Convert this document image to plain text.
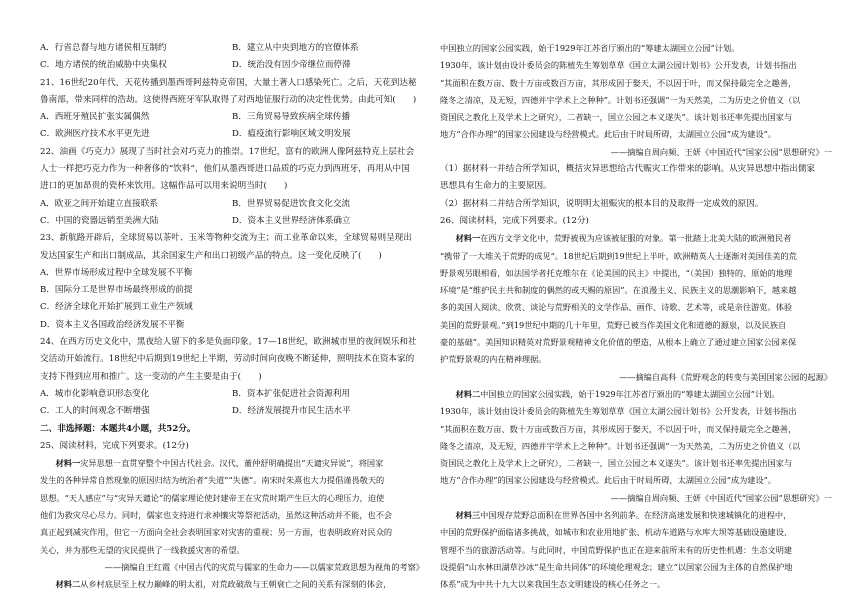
A．行省总督与地方诸侯相互制约	B．建立从中央到地方的官僚体系
C．地方诸侯的统治威胁中央集权	D．统治没有因少帝继位而停滞
21、16世纪20年代，天花传播到墨西哥阿兹特克帝国，大量土著人口感染死亡。之后，天花到达秘
鲁南部，带来同样的浩劫。这使得西班牙军队取得了对西地征服行动的决定性优势。由此可知(　　)
A．西班牙殖民扩张实属偶然	B．三角贸易导致疾病全球传播
C．欧洲医疗技术水平更先进	D．瘟疫流行影响区域文明发展
22、油画《巧克力》展现了当时社会对巧克力的推崇。17世纪，富有的欧洲人像阿兹特克上层社会
人士一样把巧克力作为一种奢侈的“饮料”，他们从墨西哥进口品质的巧克力到西班牙，再用从中国
进口的更加昂贵的瓷杯来饮用。这幅作品可以用来说明当时(　　)
A．欧亚之间开始建立直接联系	B．世界贸易促进饮食文化交流
C．中国的瓷器远销至美洲大陆	D．资本主义世界经济体系确立
23、新航路开辟后，全球贸易以茶叶、玉米等物种交流为主；而工业革命以来，全球贸易则呈现出
发达国家生产和出口制成品，其余国家生产和出口初级产品的特点。这一变化反映了(　　)
A．世界市场形成过程中全球发展不平衡
B．国际分工是世界市场最终形成的前提
C．经济全球化开始扩展到工业生产领域
D．资本主义各国政治经济发展不平衡
24、在西方历史文化中，黑夜给人留下的多是负面印象。17—18世纪，欧洲城市里的夜间娱乐和社
交活动开始流行。18世纪中后期到19世纪上半期，劳动时间向夜晚不断延伸，照明技术在资本家的
支持下得到应用和推广。这一变动的产生主要是由于(　　)
A．城市化影响意识形态变化	B．资本扩张促进社会资源利用
C．工人的时间观念不断增强	D．经济发展提升市民生活水平
二、非选择题：本题共4小题，共52分。
25、阅读材料，完成下列要求。(12分)
材料一灾异思想一直贯穿整个中国古代社会。汉代，董仲舒明确提出“天谴灾异说”，将国家
发生的各种异常自然现象的原因归结为统治者“失道”“失德”。南宋时朱熹也大力提倡谨畏敬天的
思想。“天人感应”与“灾异天谴论”的儒家理论使封建帝王在灾荒时期产生巨大的心理压力，迫使
他们为救灾尽心尽力。同时，儒家也支持进行求神攘灾等祭祀活动，虽然这种活动并不能，也不会
真正起到减灾作用，但它一方面向全社会表明国家对灾害的重视；另一方面，也表明政府对民众的
关心，并为那些无望的灾民提供了一线救援灾害的希望。
——摘编自王红霞《中国古代的灾荒与儒家的生命力——以儒家荒政思想为视角的考察》
材料二从乡村底层至上权力巅峰的明太祖，对荒政破敌与王朝衰亡之间的关系有深刻的体会，
中国独立的国家公园实践，始于1929年江苏省厅颁出的“筹建太湖国立公园”计划。
1930年，该计划由设计委员会的陈植先生筹划草草《国立太湖公园计划书》公开发表，计划书指出
“其面积在数万亩、数十万亩或数百万亩，其形成因于娶天，不以因于叶，而又保持最完全之趣善，
隆冬之清凉，及无短，四德并宇学术上之种种”。计划书还强调“一为天然美，二为历史之价值义（以
资国民之教化上及学术上之研究），二者缺一，国立公园之本义遂失”。该计划书还率先提出国家与
地方“合作办理”的国家公园建设与经营模式。此后由于时局所碍，太湖国立公园“成为建设”。
——摘编自周向频、王妍《中国近代“国家公园”思想研究》一
（1）据材料一并结合所学知识，概括灾异思想给古代赈灾工作带来的影响。从灾异思想中指出儒家
思想具有生命力的主要原因。
（2）据材料二并结合所学知识，说明明太祖赈灾的根本目的及取得一定成效的原因。
26、阅读材料，完成下列要求。(12分)
材料一在西方文学文化中，荒野被视为应该被征服的对象。第一批踏上北美大陆的欧洲殖民者
“携带了一大堆关于荒野的成见”。18世纪后期到19世纪上半叶，欧洲精英人士逐渐对美国佳美的荒
野景观另眼相看，如法国学者托克维尔在《论美国的民主》中提出，“（美国）独特的、原始的地理
环境”是“维护民主共和制度的偶然的或天赐的原因”。在浪漫主义、民族主义的思潮影响下，越来越
多的美国人阅读、欣赏、谈论与荒野相关的文学作品、画作、诗歌、艺术等，或是亲往游览。体验
美国的荒野景观。”到19世纪中期的几十年里，荒野已被当作美国文化和道德的源泉，以及民族自
豪的基础”。美国知识精英对荒野景观精神文化价值的塑造，从根本上确立了通过建立国家公园来保
护荒野景观的内在精神理据。
——摘编自高科《荒野观念的转变与美国国家公园的起源》
材料二中国独立的国家公园实践，始于1929年江苏省厅颁出的“筹建太湖国立公园”计划。
1930年，该计划由设计委员会的陈植先生筹划草草《国立太湖公园计划书》公开发表，计划书指出
“其面积在数万亩、数十万亩或数百万亩，其形成因于娶天，不以因于叶，而又保持最完全之趣善，
隆冬之清凉，及无短，四德并宇学术上之种种”。计划书还强调“一为天然美，二为历史之价值义（以
资国民之教化上及学术上之研究），二者缺一，国立公园之本义遂失”。该计划书还率先提出国家与
地方“合作办理”的国家公园建设与经营模式。此后由于时局所碍，太湖国立公园“成为建设”。
——摘编自周向频、王妍《中国近代“国家公园”思想研究》一
材料三中国现存荒野总面积在世界各国中名列前茅。在经济高速发展和快速城镇化的进程中，
中国的荒野保护面临诸多挑战，如城市和农业用地扩张、机动车道路与水库大坝等基础设施建设、
管理不当的旅游活动等。与此同时，中国荒野保护也正在迎来前所未有的历史性机遇：生态文明建
设提倡“山水林田湖草沙冰”是生命共同体”的环境伦理观念；建立“以国家公园为主体的自然保护地
体系”成为中共十九大以来我国生态文明建设的核心任务之一。
